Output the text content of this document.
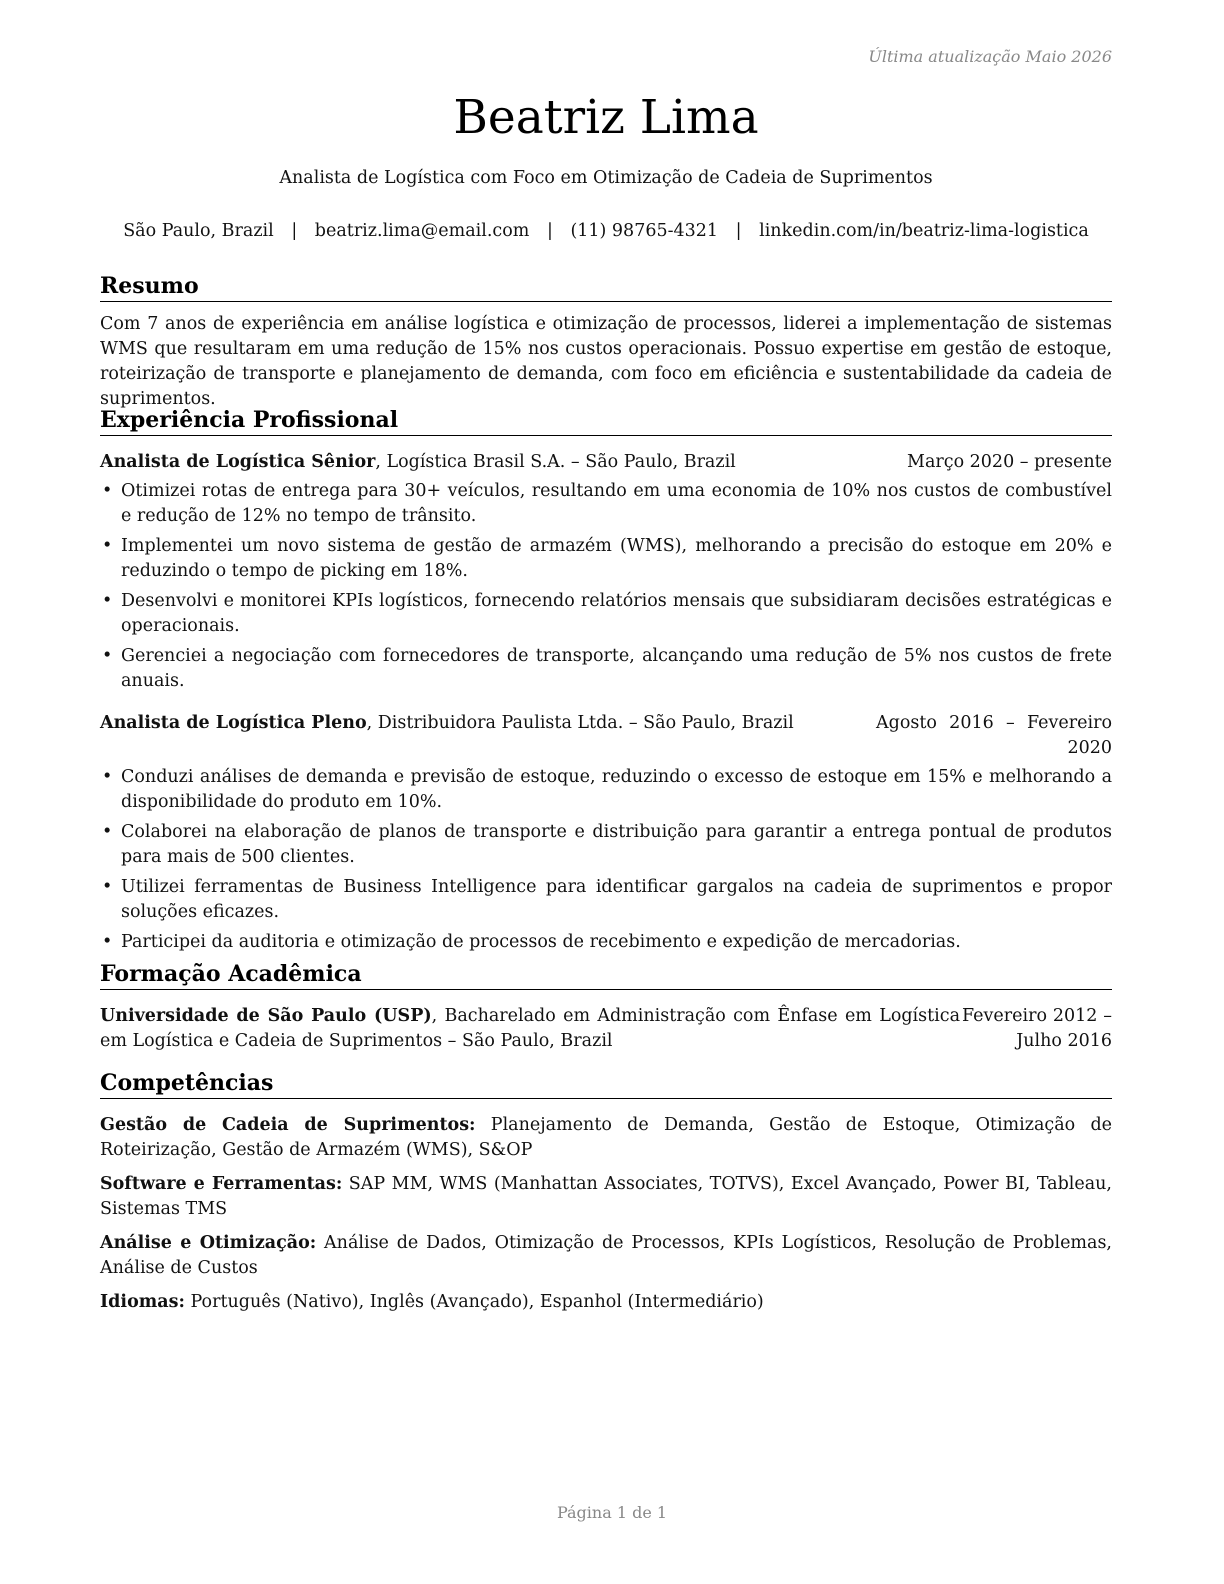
Última atualização Maio 2026
Beatriz Lima
Analista de Logística com Foco em Otimização de Cadeia de Suprimentos
São Paulo, Brazil | beatriz.lima@email.com | (11) 98765-4321 | linkedin.com/in/beatriz-lima-logistica
Resumo

Com 7 anos de experiência em análise logística e otimização de processos, liderei a implementação de sistemas WMS que resultaram em uma redução de 15% nos custos operacionais. Possuo expertise em gestão de estoque, roteirização de transporte e planejamento de demanda, com foco em eficiência e sustentabilidade da cadeia de suprimentos.

Experiência Profissional
Analista de Logística Sênior, Logística Brasil S.A. – São Paulo, Brazil	Março 2020 – presente
• Otimizei rotas de entrega para 30+ veículos, resultando em uma economia de 10% nos custos de combustível e redução de 12% no tempo de trânsito.
• Implementei um novo sistema de gestão de armazém (WMS), melhorando a precisão do estoque em 20% e reduzindo o tempo de picking em 18%.
• Desenvolvi e monitorei KPIs logísticos, fornecendo relatórios mensais que subsidiaram decisões estratégicas e operacionais.
• Gerenciei a negociação com fornecedores de transporte, alcançando uma redução de 5% nos custos de frete anuais.
Analista de Logística Pleno, Distribuidora Paulista Ltda. – São Paulo, Brazil	Agosto 2016 – Fevereiro 2020
• Conduzi análises de demanda e previsão de estoque, reduzindo o excesso de estoque em 15% e melhorando a disponibilidade do produto em 10%.
• Colaborei na elaboração de planos de transporte e distribuição para garantir a entrega pontual de produtos para mais de 500 clientes.
• Utilizei ferramentas de Business Intelligence para identificar gargalos na cadeia de suprimentos e propor soluções eficazes.
• Participei da auditoria e otimização de processos de recebimento e expedição de mercadorias.
Formação Acadêmica
Universidade de São Paulo (USP), Bacharelado em Administração com Ênfase em Logística em Logística e Cadeia de Suprimentos – São Paulo, Brazil
Fevereiro 2012 – Julho 2016
Competências

Gestão de Cadeia de Suprimentos: Planejamento de Demanda, Gestão de Estoque, Otimização de Roteirização, Gestão de Armazém (WMS), S&OP

Software e Ferramentas: SAP MM, WMS (Manhattan Associates, TOTVS), Excel Avançado, Power BI, Tableau, Sistemas TMS

Análise e Otimização: Análise de Dados, Otimização de Processos, KPIs Logísticos, Resolução de Problemas, Análise de Custos

Idiomas: Português (Nativo), Inglês (Avançado), Espanhol (Intermediário)

Página 1 de 1
